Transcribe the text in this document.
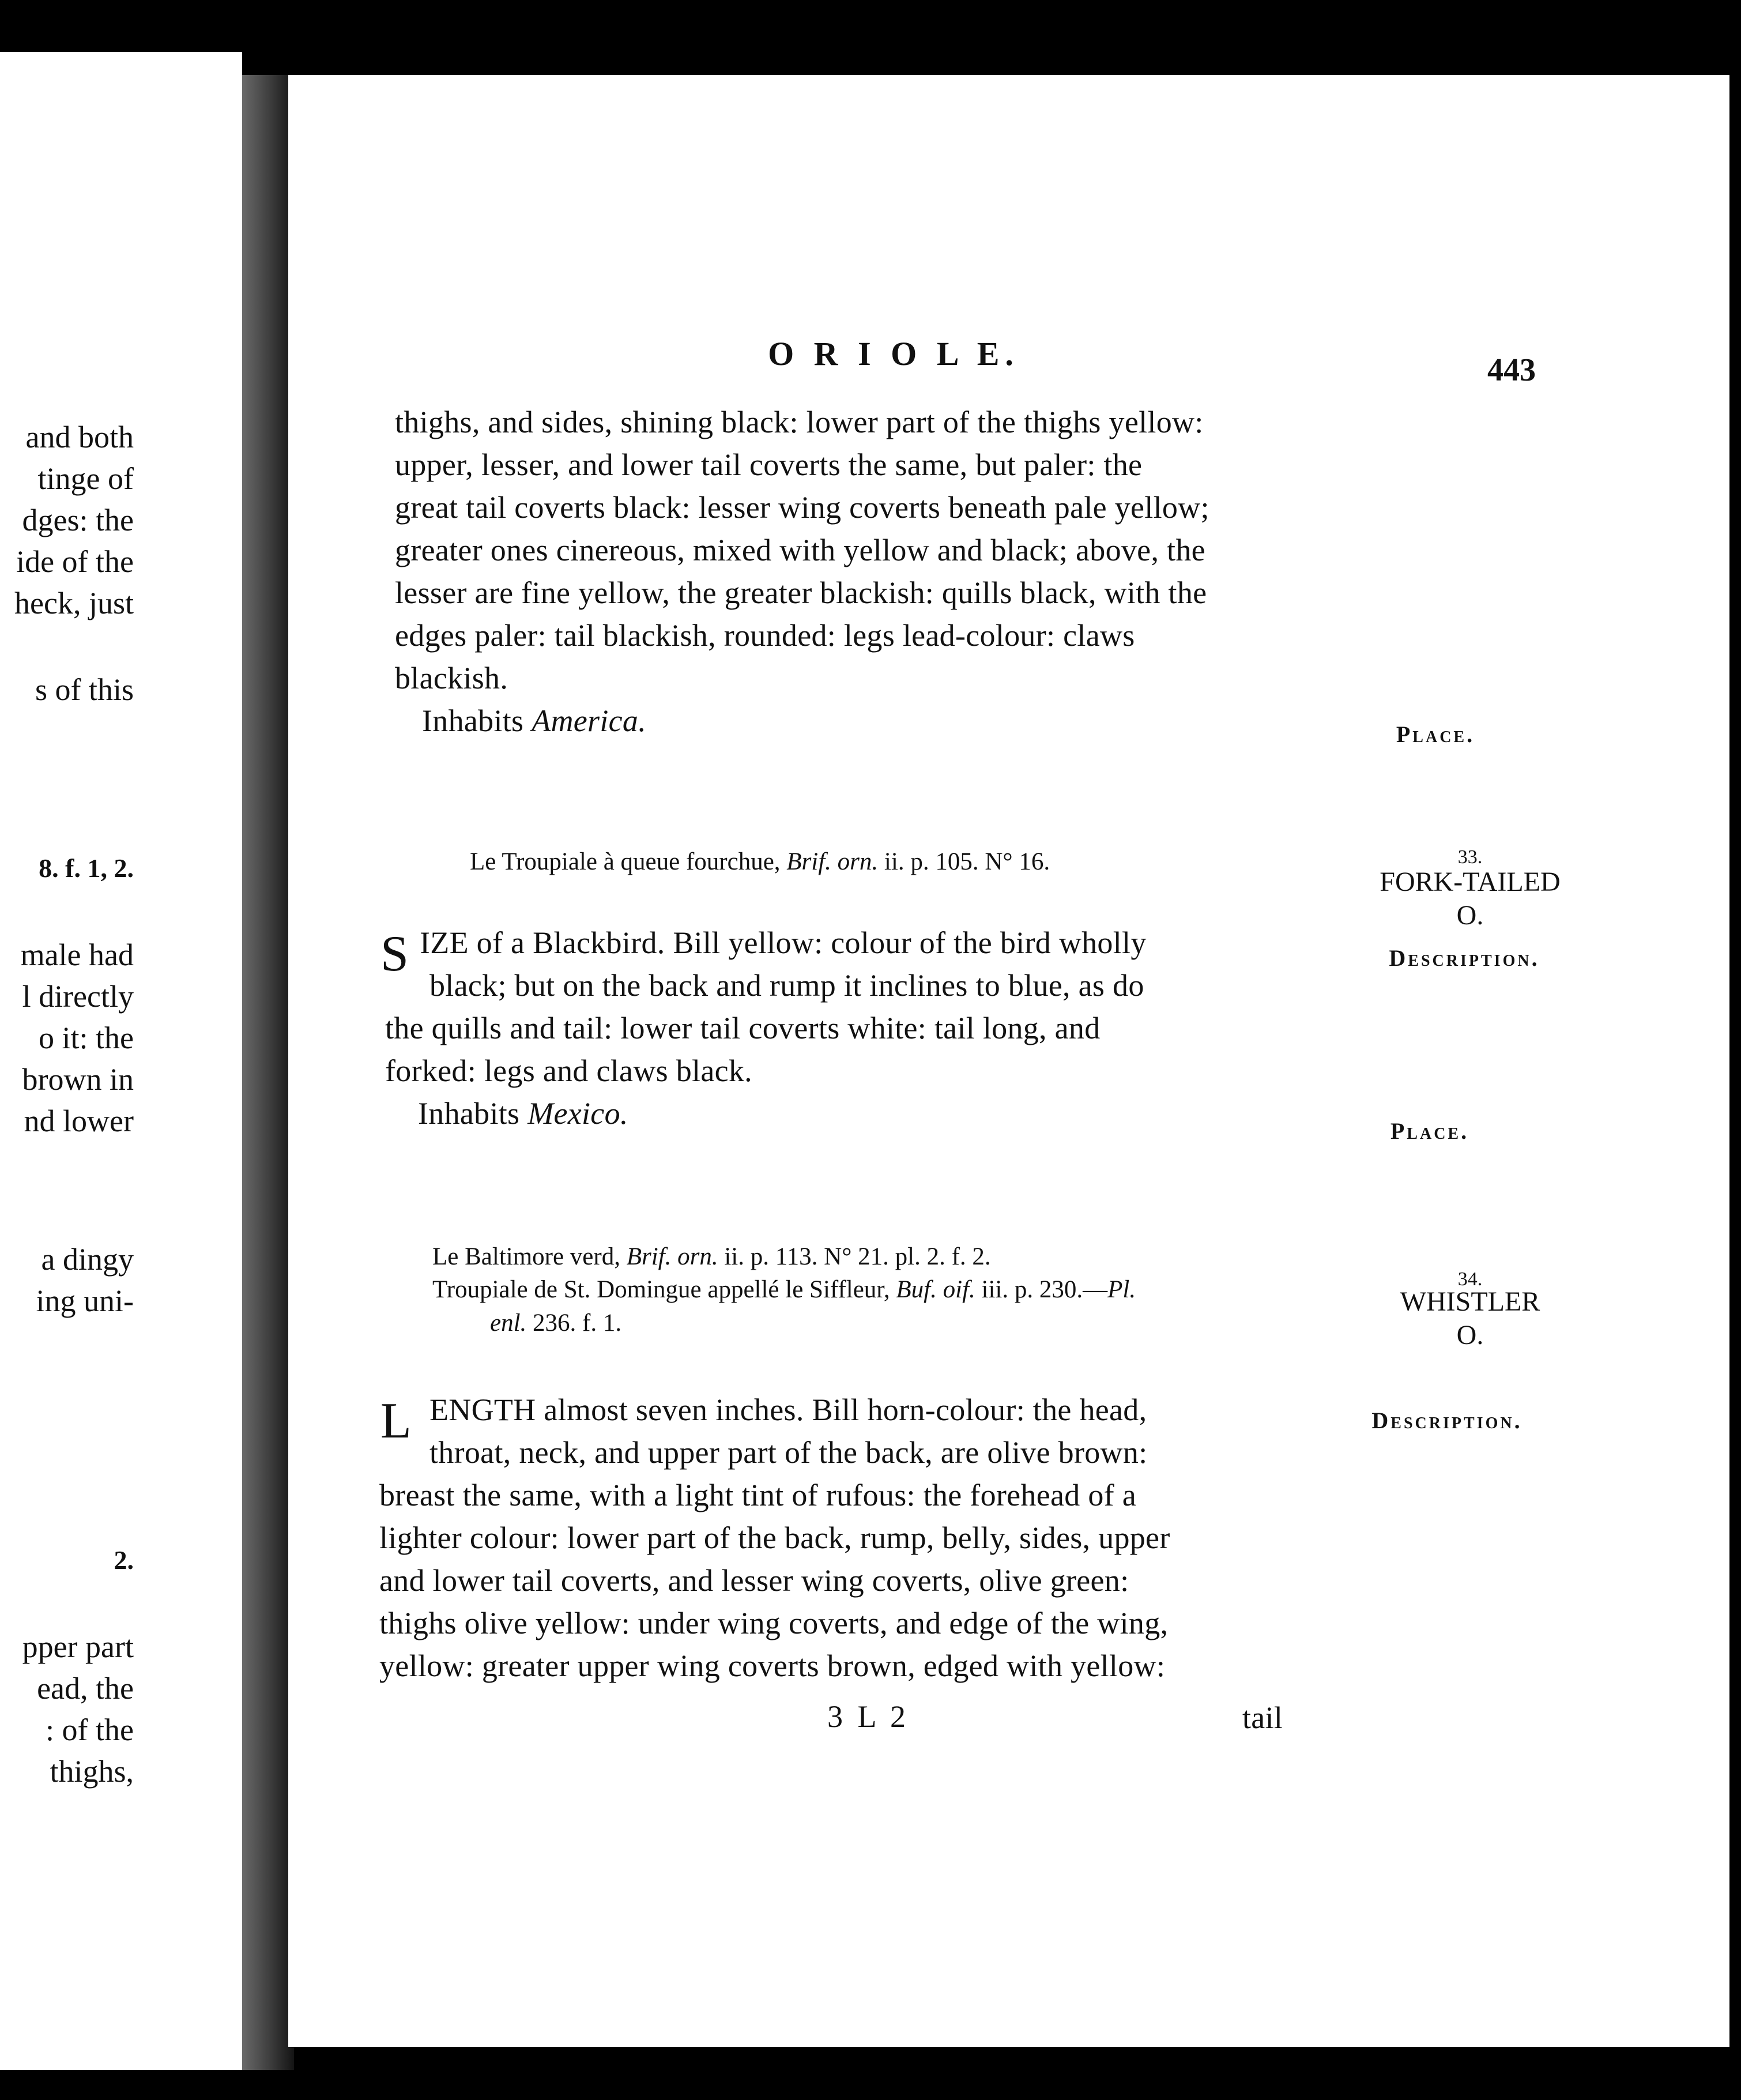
and both
tinge of
dges: the
ide of the
heck, just
s of this
8. f. 1, 2.
male had
l directly
o it: the
brown in
nd lower
a dingy
ing uni-
2.
pper part
ead, the
: of the
thighs,
O R I O L E.	443
thighs, and sides, shining black: lower part of the thighs yellow:
upper, lesser, and lower tail coverts the same, but paler: the
great tail coverts black: lesser wing coverts beneath pale yellow;
greater ones cinereous, mixed with yellow and black; above, the
lesser are fine yellow, the greater blackish: quills black, with the
edges paler: tail blackish, rounded: legs lead-colour: claws
blackish.
Inhabits America.	Place.
Le Troupiale à queue fourchue, Brif. orn. ii. p. 105. N° 16.	33.
FORK-TAILED
O.
Description.
S IZE of a Blackbird. Bill yellow: colour of the bird wholly
black; but on the back and rump it inclines to blue, as do
the quills and tail: lower tail coverts white: tail long, and
forked: legs and claws black.
Inhabits Mexico.
Place.
Le Baltimore verd, Brif. orn. ii. p. 113. N° 21. pl. 2. f. 2.
Troupiale de St. Domingue appellé le Siffleur, Buf. oif. iii. p. 230.—Pl.
enl. 236. f. 1.
34.
WHISTLER
O.
Description.
L ENGTH almost seven inches. Bill horn-colour: the head,
throat, neck, and upper part of the back, are olive brown:
breast the same, with a light tint of rufous: the forehead of a
lighter colour: lower part of the back, rump, belly, sides, upper
and lower tail coverts, and lesser wing coverts, olive green:
thighs olive yellow: under wing coverts, and edge of the wing,
yellow: greater upper wing coverts brown, edged with yellow:
3 L 2	tail
